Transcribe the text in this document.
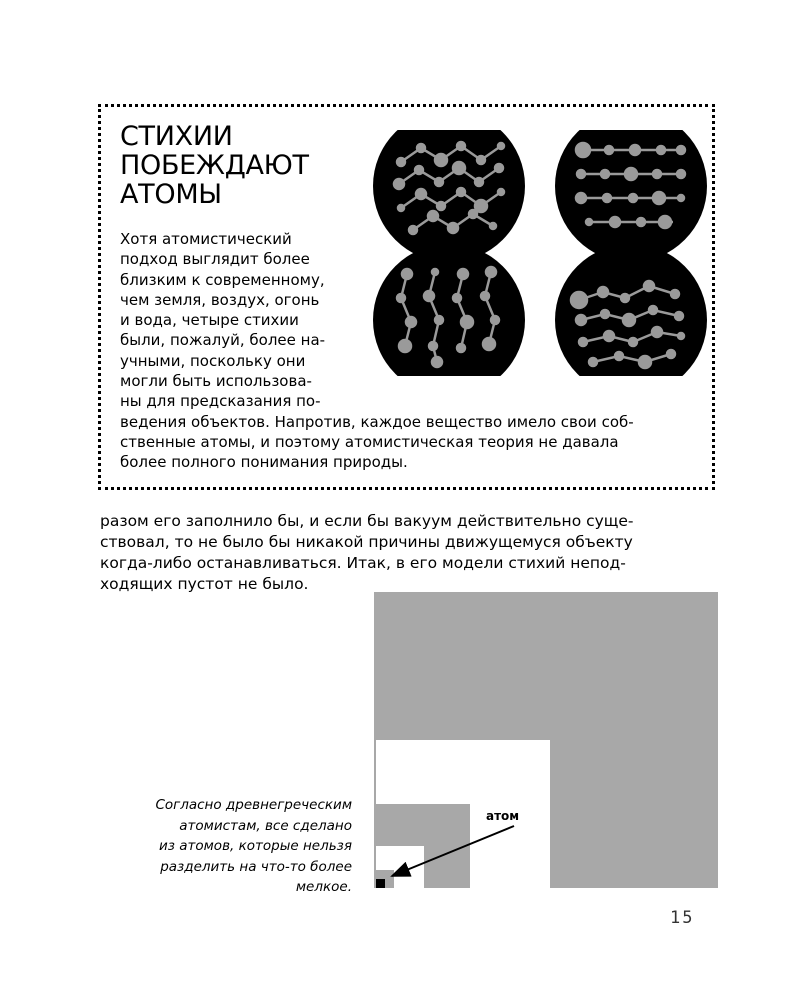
СТИХИИ
ПОБЕЖДАЮТ
АТОМЫ
Хотя атомистический
подход выглядит более
близким к современному,
чем земля, воздух, огонь
и вода, четыре стихии
были, пожалуй, более на-
учными, поскольку они
могли быть использова-
ны для предсказания по-
ведения объектов. Напротив, каждое вещество имело свои соб-
ственные атомы, и поэтому атомистическая теория не давала
более полного понимания природы.
разом его заполнило бы, и если бы вакуум действительно суще-
ствовал, то не было бы никакой причины движущемуся объекту
когда-либо останавливаться. Итак, в его модели стихий непод-
ходящих пустот не было.
атом
Согласно древнегреческим
атомистам, все сделано
из атомов, которые нельзя
разделить на что-то более
мелкое.
15
